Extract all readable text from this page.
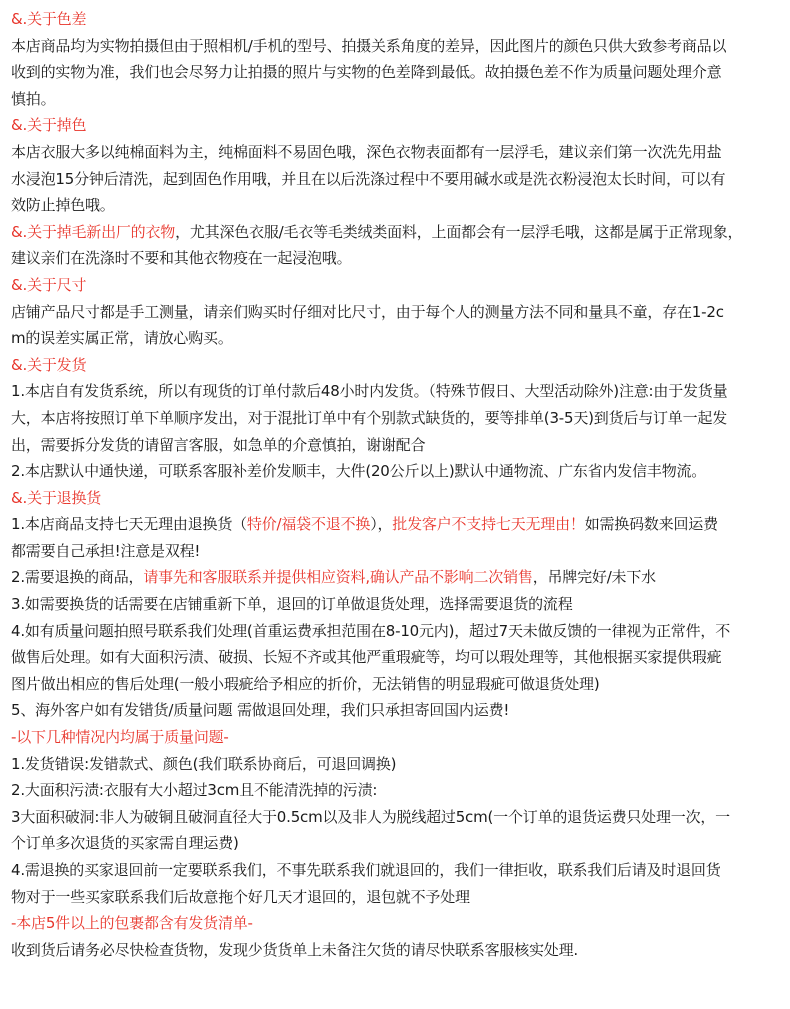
&.关于色差
本店商品均为实物拍摄但由于照相机/手机的型号、拍摄关系角度的差异，因此图片的颜色只供大致参考商品以
收到的实物为准，我们也会尽努力让拍摄的照片与实物的色差降到最低。故拍摄色差不作为质量问题处理介意
慎拍。
&.关于掉色
本店衣服大多以纯棉面料为主，纯棉面料不易固色哦，深色衣物表面都有一层浮毛，建议亲们第一次洗先用盐
水浸泡15分钟后清洗，起到固色作用哦，并且在以后洗涤过程中不要用碱水或是洗衣粉浸泡太长时间，可以有
效防止掉色哦。
&.关于掉毛新出厂的衣物，尤其深色衣服/毛衣等毛类绒类面料，上面都会有一层浮毛哦，这都是属于正常现象，
建议亲们在洗涤时不要和其他衣物疫在一起浸泡哦。
&.关于尺寸
店铺产品尺寸都是手工测量，请亲们购买时仔细对比尺寸，由于每个人的测量方法不同和量具不童，存在1-2c
m的误差实属正常，请放心购买。
&.关于发货
1.本店自有发货系统，所以有现货的订单付款后48小时内发货。（特殊节假日、大型活动除外)注意:由于发货量
大，本店将按照订单下单顺序发出，对于混批订单中有个别款式缺货的，要等排单(3-5天)到货后与订单一起发
出，需要拆分发货的请留言客服，如急单的介意慎拍，谢谢配合
2.本店默认中通快递，可联系客服补差价发顺丰，大件(20公斤以上)默认中通物流、广东省内发信丰物流。
&.关于退换货
1.本店商品支持七天无理由退换货（特价/福袋不退不换），批发客户不支持七天无理由！如需换码数来回运费
都需要自己承担!注意是双程!
2.需要退换的商品，请事先和客服联系并提供相应资料,确认产品不影响二次销售，吊牌完好/未下水
3.如需要换货的话需要在店铺重新下单，退回的订单做退货处理，选择需要退货的流程
4.如有质量问题拍照号联系我们处理(首重运费承担范围在8-10元内)，超过7天未做反馈的一律视为正常件，不
做售后处理。如有大面积污渍、破损、长短不齐或其他严重瑕疵等，均可以瑕处理等，其他根据买家提供瑕疵
图片做出相应的售后处理(一般小瑕疵给予相应的折价，无法销售的明显瑕疵可做退货处理)
5、海外客户如有发错货/质量问题 需做退回处理，我们只承担寄回国内运费!
-以下几种情况内均属于质量问题-
1.发货错误:发错款式、颜色(我们联系协商后，可退回调换)
2.大面积污渍:衣服有大小超过3cm且不能清洗掉的污渍:
3大面积破洞:非人为破铜且破洞直径大于0.5cm以及非人为脱线超过5cm(一个订单的退货运费只处理一次，一
个订单多次退货的买家需自理运费)
4.需退换的买家退回前一定要联系我们，不事先联系我们就退回的，我们一律拒收，联系我们后请及时退回货
物对于一些买家联系我们后故意拖个好几天才退回的，退包就不予处理
-本店5件以上的包裹都含有发货清单-
收到货后请务必尽快检查货物，发现少货货单上未备注欠货的请尽快联系客服核实处理.
